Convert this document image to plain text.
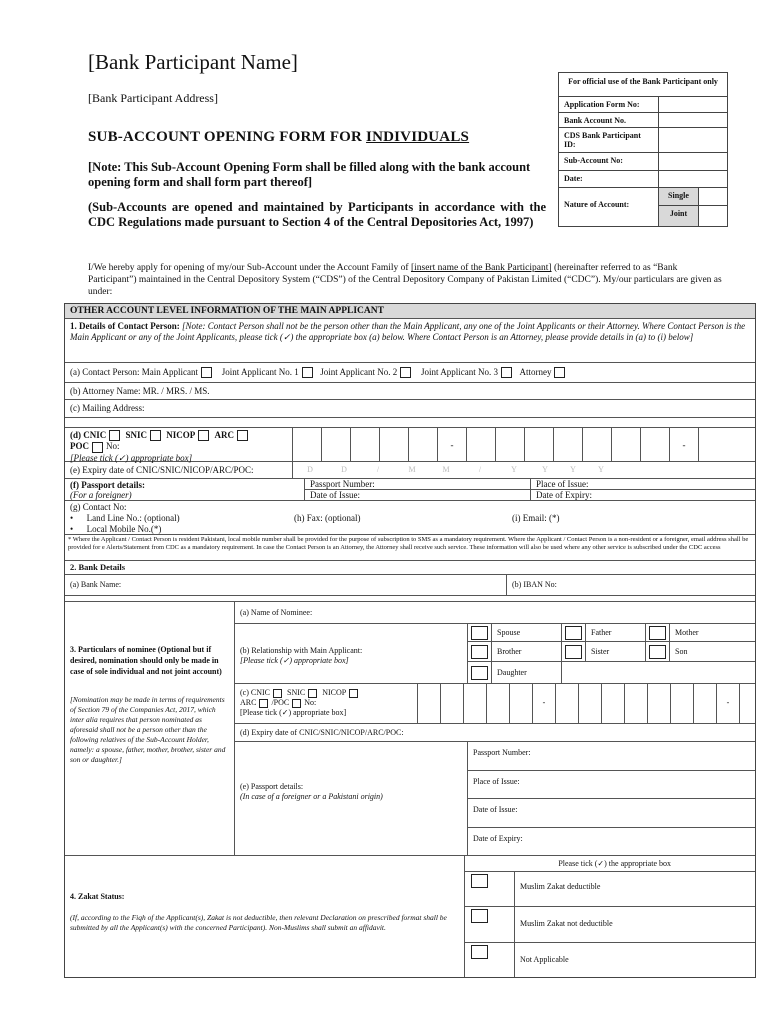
[Bank Participant Name]
[Bank Participant Address]
SUB-ACCOUNT OPENING FORM FOR INDIVIDUALS
[Note: This Sub-Account Opening Form shall be filled along with the bank account opening form and shall form part thereof]
(Sub-Accounts are opened and maintained by Participants in accordance with the CDC Regulations made pursuant to Section 4 of the Central Depositories Act, 1997)
For official use of the Bank Participant only
Application Form No:
Bank Account No.
CDS Bank Participant ID:
Sub-Account No:
Date:
Nature of Account:
Single
Joint
I/We hereby apply for opening of my/our Sub-Account under the Account Family of [insert name of the Bank Participant] (hereinafter referred to as “Bank Participant”) maintained in the Central Depository System (“CDS”) of the Central Depository Company of Pakistan Limited (“CDC”). My/our particulars are given as under:
OTHER ACCOUNT LEVEL INFORMATION OF THE MAIN APPLICANT
1. Details of Contact Person: [Note: Contact Person shall not be the person other than the Main Applicant, any one of the Joint Applicants or their Attorney. Where Contact Person is the Main Applicant or any of the Joint Applicants, please tick (✓) the appropriate box (a) below. Where Contact Person is an Attorney, please provide details in (a) to (i) below]
(a) Contact Person: Main Applicant	Joint Applicant No. 1 Joint Applicant No. 2	Joint Applicant No. 3 Attorney
(b) Attorney Name: MR. / MRS. / MS.
(c) Mailing Address:
(d) CNIC SNIC NICOP ARC
POC No:
[Please tick (✓) appropriate box]
-	-
(e) Expiry date of CNIC/SNIC/NICOP/ARC/POC:	D	D	/	M	M	/	Y	Y	Y	Y
(f) Passport details:
(For a foreigner)
Passport Number:	Place of Issue:
Date of Issue:	Date of Expiry:
(g) Contact No:
•      Land Line No.: (optional)	(h) Fax: (optional)	(i) Email: (*)
•      Local Mobile No.(*)
* Where the Applicant / Contact Person is resident Pakistani, local mobile number shall be provided for the purpose of subscription to SMS as a mandatory requirement. Where the Applicant / Contact Person is a non-resident or a foreigner, email address shall be provided for e Alerts/Statement from CDC as a mandatory requirement. In case the Contact Person is an Attorney, the Attorney shall receive such service. These information will also be used where any other service is subscribed under the CDC access
2. Bank Details
(a) Bank Name:	(b) IBAN No:
3. Particulars of nominee (Optional but if desired, nomination should only be made in case of sole individual and not joint account)
[Nomination may be made in terms of requirements of Section 79 of the Companies Act, 2017, which inter alia requires that person nominated as aforesaid shall not be a person other than the following relatives of the Sub-Account Holder, namely: a spouse, father, mother, brother, sister and son or daughter.]
(a) Name of Nominee:
(b) Relationship with Main Applicant:
[Please tick (✓) appropriate box]
Spouse	Father	Mother
Brother	Sister	Son
Daughter
(c) CNIC SNIC NICOP
ARC /POC No:
[Please tick (✓) appropriate box]
-	-
(d) Expiry date of CNIC/SNIC/NICOP/ARC/POC:
(e) Passport details:
(In case of a foreigner or a Pakistani origin)
Passport Number:
Place of Issue:
Date of Issue:
Date of Expiry:
4. Zakat Status:
(If, according to the Fiqh of the Applicant(s), Zakat is not deductible, then relevant Declaration on prescribed format shall be submitted by all the Applicant(s) with the concerned Participant). Non-Muslims shall submit an affidavit.
Please tick (✓) the appropriate box
Muslim Zakat deductible
Muslim Zakat not deductible
Not Applicable
